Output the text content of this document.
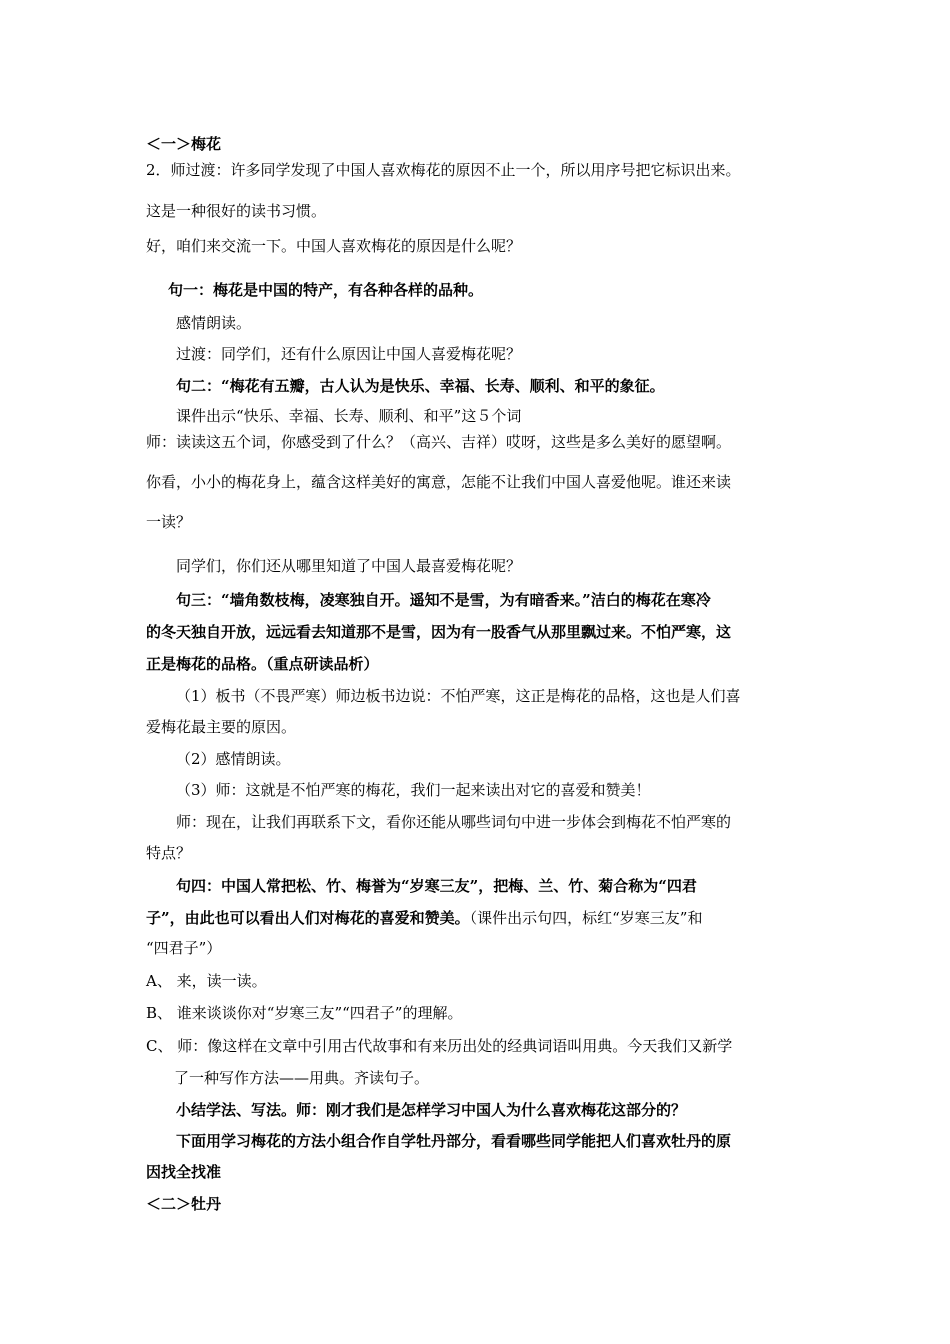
＜一＞梅花

2．师过渡：许多同学发现了中国人喜欢梅花的原因不止一个，所以用序号把它标识出来。

这是一种很好的读书习惯。

好，咱们来交流一下。中国人喜欢梅花的原因是什么呢？

句一：梅花是中国的特产，有各种各样的品种。

感情朗读。

过渡：同学们，还有什么原因让中国人喜爱梅花呢？

句二：“梅花有五瓣，古人认为是快乐、幸福、长寿、顺利、和平的象征。

课件出示“快乐、幸福、长寿、顺利、和平”这５个词

师：读读这五个词，你感受到了什么？（高兴、吉祥）哎呀，这些是多么美好的愿望啊。

你看，小小的梅花身上，蕴含这样美好的寓意，怎能不让我们中国人喜爱他呢。谁还来读

一读？

同学们，你们还从哪里知道了中国人最喜爱梅花呢？

句三：“墙角数枝梅，凌寒独自开。遥知不是雪，为有暗香来。”洁白的梅花在寒冷

的冬天独自开放，远远看去知道那不是雪，因为有一股香气从那里飘过来。不怕严寒，这

正是梅花的品格。（重点研读品析）

（1）板书（不畏严寒）师边板书边说：不怕严寒，这正是梅花的品格，这也是人们喜

爱梅花最主要的原因。

（2）感情朗读。

（3）师：这就是不怕严寒的梅花，我们一起来读出对它的喜爱和赞美！

师：现在，让我们再联系下文，看你还能从哪些词句中进一步体会到梅花不怕严寒的

特点？

句四：中国人常把松、竹、梅誉为“岁寒三友”，把梅、兰、竹、菊合称为“四君

子”，由此也可以看出人们对梅花的喜爱和赞美。（课件出示句四，标红“岁寒三友”和

“四君子”）

A、 来，读一读。

B、 谁来谈谈你对“岁寒三友”“四君子”的理解。

C、 师：像这样在文章中引用古代故事和有来历出处的经典词语叫用典。今天我们又新学

了一种写作方法——用典。齐读句子。

小结学法、写法。师：刚才我们是怎样学习中国人为什么喜欢梅花这部分的？

下面用学习梅花的方法小组合作自学牡丹部分，看看哪些同学能把人们喜欢牡丹的原

因找全找准

＜二＞牡丹
